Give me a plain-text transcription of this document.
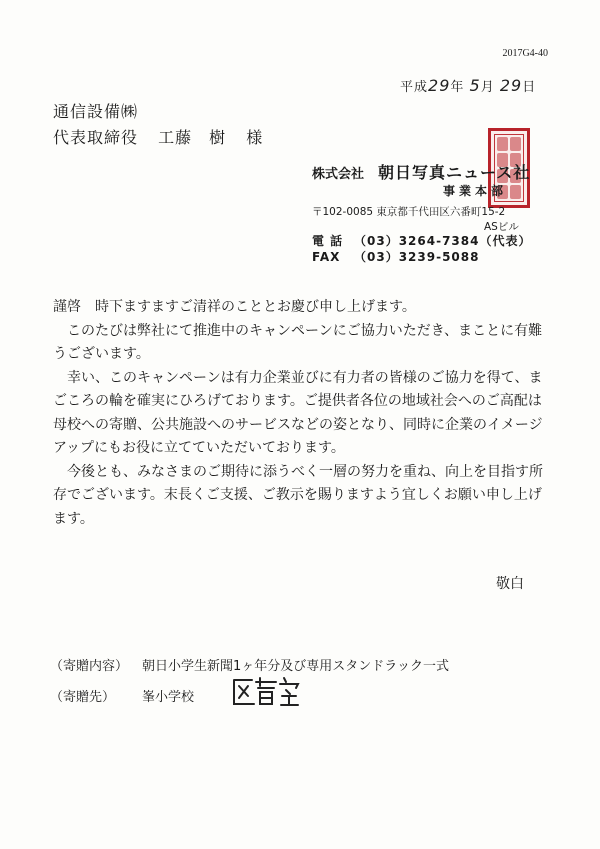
2017G4-40
平成29年 5月 29日
通信設備㈱
代表取締役 工藤　樹 様
株式会社 朝日写真ニュース社
事業本部
〒102-0085 東京都千代田区六番町15-2
ASビル
電 話 （03）3264-7384（代表）
FAX （03）3239-5088

謹啓　時下ますますご清祥のこととお慶び申し上げます。

　このたびは弊社にて推進中のキャンペーンにご協力いただき、まことに有難うございます。

　幸い、このキャンペーンは有力企業並びに有力者の皆様のご協力を得て、まごころの輪を確実にひろげております。ご提供者各位の地域社会へのご高配は母校への寄贈、公共施設へのサービスなどの姿となり、同時に企業のイメージアップにもお役に立てていただいております。

　今後とも、みなさまのご期待に添うべく一層の努力を重ね、向上を目指す所存でございます。末長くご支援、ご教示を賜りますよう宜しくお願い申し上げます。

敬白
（寄贈内容） 朝日小学生新聞1ヶ年分及び専用スタンドラック一式
（寄贈先） 峯小学校
